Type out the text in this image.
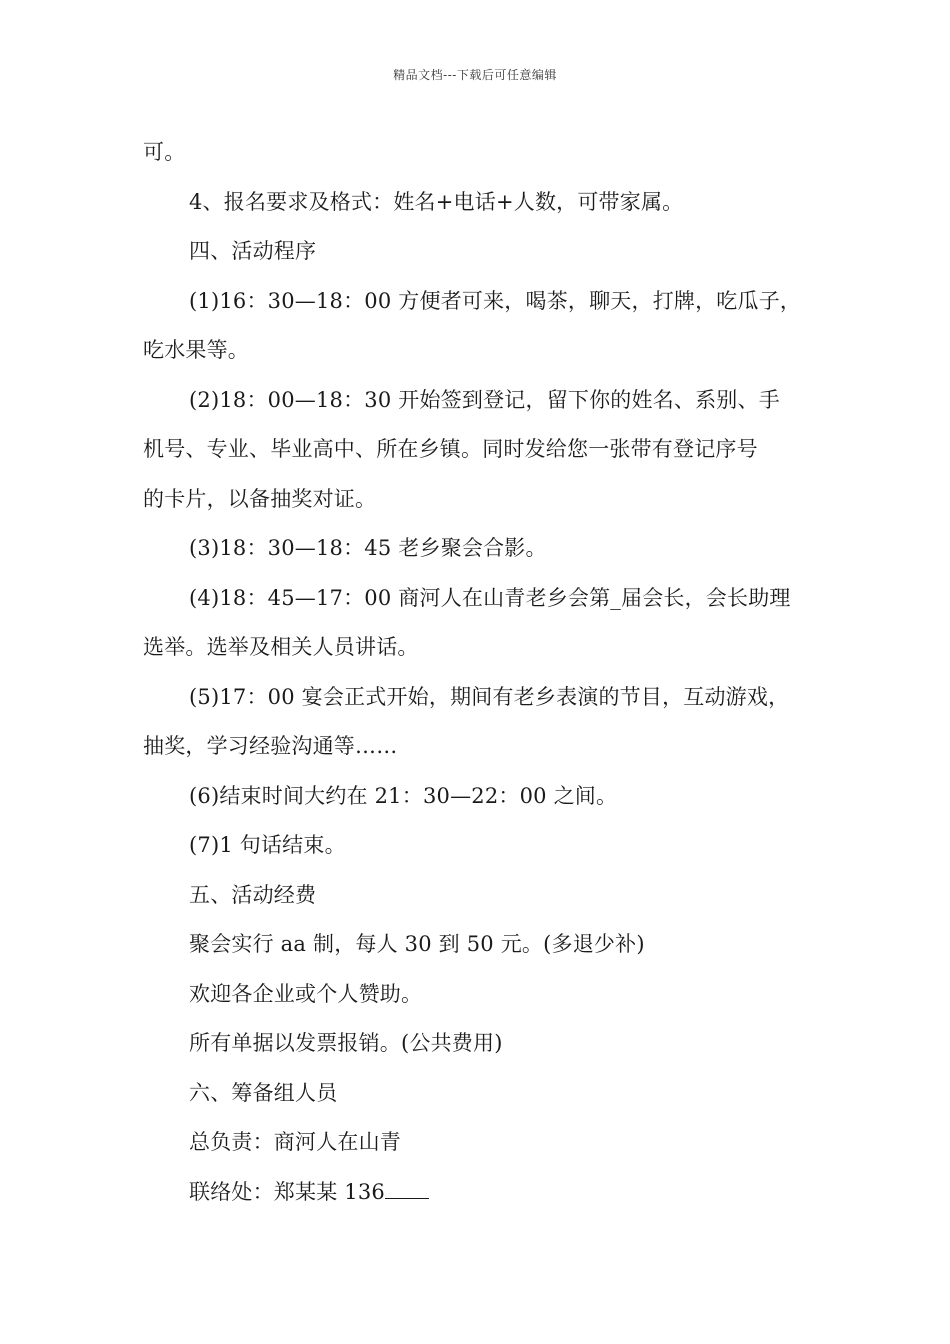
精品文档---下载后可任意编辑
可。
4、报名要求及格式：姓名+电话+人数，可带家属。
四、活动程序
(1)16：30—18：00 方便者可来，喝茶，聊天，打牌，吃瓜子，
吃水果等。
(2)18：00—18：30 开始签到登记，留下你的姓名、系别、手
机号、专业、毕业高中、所在乡镇。同时发给您一张带有登记序号
的卡片，以备抽奖对证。
(3)18：30—18：45 老乡聚会合影。
(4)18：45—17：00 商河人在山青老乡会第_届会长，会长助理
选举。选举及相关人员讲话。
(5)17：00 宴会正式开始，期间有老乡表演的节目，互动游戏，
抽奖，学习经验沟通等……
(6)结束时间大约在 21：30—22：00 之间。
(7)1 句话结束。
五、活动经费
聚会实行 aa 制，每人 30 到 50 元。(多退少补)
欢迎各企业或个人赞助。
所有单据以发票报销。(公共费用)
六、筹备组人员
总负责：商河人在山青
联络处：郑某某 136
